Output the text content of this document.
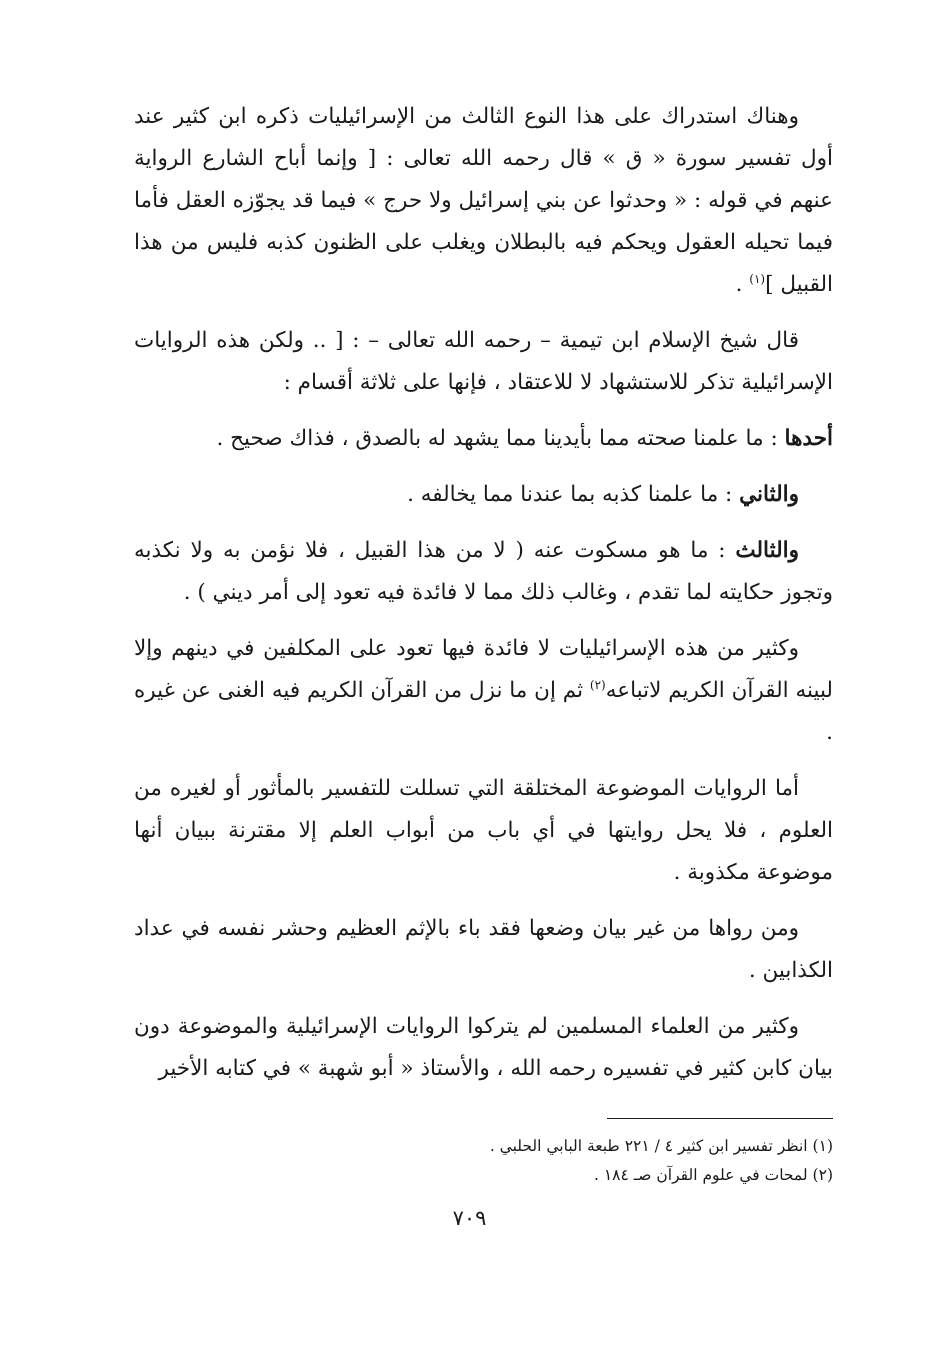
وهناك استدراك على هذا النوع الثالث من الإسرائيليات ذكره ابن كثير عند أول تفسير سورة « ق » قال رحمه الله تعالى : [ وإنما أباح الشارع الرواية عنهم في قوله : « وحدثوا عن بني إسرائيل ولا حرج » فيما قد يجوّزه العقل فأما فيما تحيله العقول ويحكم فيه بالبطلان ويغلب على الظنون كذبه فليس من هذا القبيل ]$^{(١)}$ .

قال شيخ الإسلام ابن تيمية – رحمه الله تعالى – : [ .. ولكن هذه الروايات الإسرائيلية تذكر للاستشهاد لا للاعتقاد ، فإنها على ثلاثة أقسام :

أحدها : ما علمنا صحته مما بأيدينا مما يشهد له بالصدق ، فذاك صحيح .

والثاني : ما علمنا كذبه بما عندنا مما يخالفه .

والثالث : ما هو مسكوت عنه ( لا من هذا القبيل ، فلا نؤمن به ولا نكذبه وتجوز حكايته لما تقدم ، وغالب ذلك مما لا فائدة فيه تعود إلى أمر ديني ) .

وكثير من هذه الإسرائيليات لا فائدة فيها تعود على المكلفين في دينهم وإلا لبينه القرآن الكريم لاتباعه$^{(٢)}$ ثم إن ما نزل من القرآن الكريم فيه الغنى عن غيره .

أما الروايات الموضوعة المختلقة التي تسللت للتفسير بالمأثور أو لغيره من العلوم ، فلا يحل روايتها في أي باب من أبواب العلم إلا مقترنة ببيان أنها موضوعة مكذوبة .

ومن رواها من غير بيان وضعها فقد باء بالإثم العظيم وحشر نفسه في عداد الكذابين .

وكثير من العلماء المسلمين لم يتركوا الروايات الإسرائيلية والموضوعة دون بيان كابن كثير في تفسيره رحمه الله ، والأستاذ « أبو شهبة » في كتابه الأخير

(١) انظر تفسير ابن كثير ٤ / ٢٢١ طبعة البابي الحلبي .
(٢) لمحات في علوم القرآن صـ ١٨٤ .
٧٠٩
